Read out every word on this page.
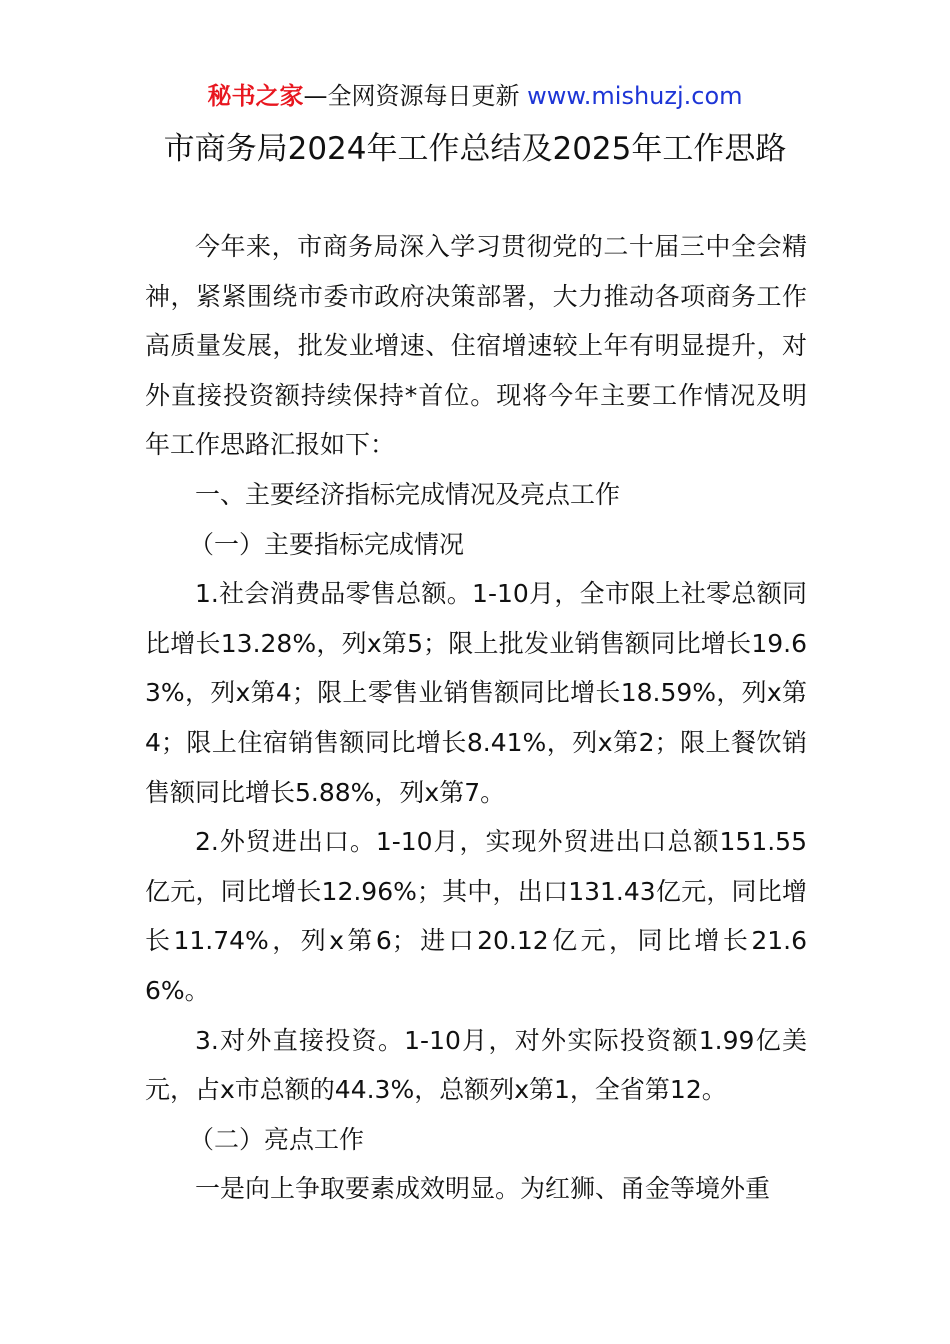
秘书之家—全网资源每日更新 www.mishuzj.com
市商务局2024年工作总结及2025年工作思路

今年来，市商务局深入学习贯彻党的二十届三中全会精神，紧紧围绕市委市政府决策部署，大力推动各项商务工作高质量发展，批发业增速、住宿增速较上年有明显提升，对外直接投资额持续保持*首位。现将今年主要工作情况及明年工作思路汇报如下：

一、主要经济指标完成情况及亮点工作

（一）主要指标完成情况

1.社会消费品零售总额。1-10月，全市限上社零总额同比增长13.28%，列x第5；限上批发业销售额同比增长19.63%，列x第4；限上零售业销售额同比增长18.59%，列x第4；限上住宿销售额同比增长8.41%，列x第2；限上餐饮销售额同比增长5.88%，列x第7。

2.外贸进出口。1-10月，实现外贸进出口总额151.55亿元，同比增长12.96%；其中，出口131.43亿元，同比增长11.74%，列x第6；进口20.12亿元，同比增长21.66%。

3.对外直接投资。1-10月，对外实际投资额1.99亿美元，占x市总额的44.3%，总额列x第1，全省第12。

（二）亮点工作

一是向上争取要素成效明显。为红狮、甬金等境外重
